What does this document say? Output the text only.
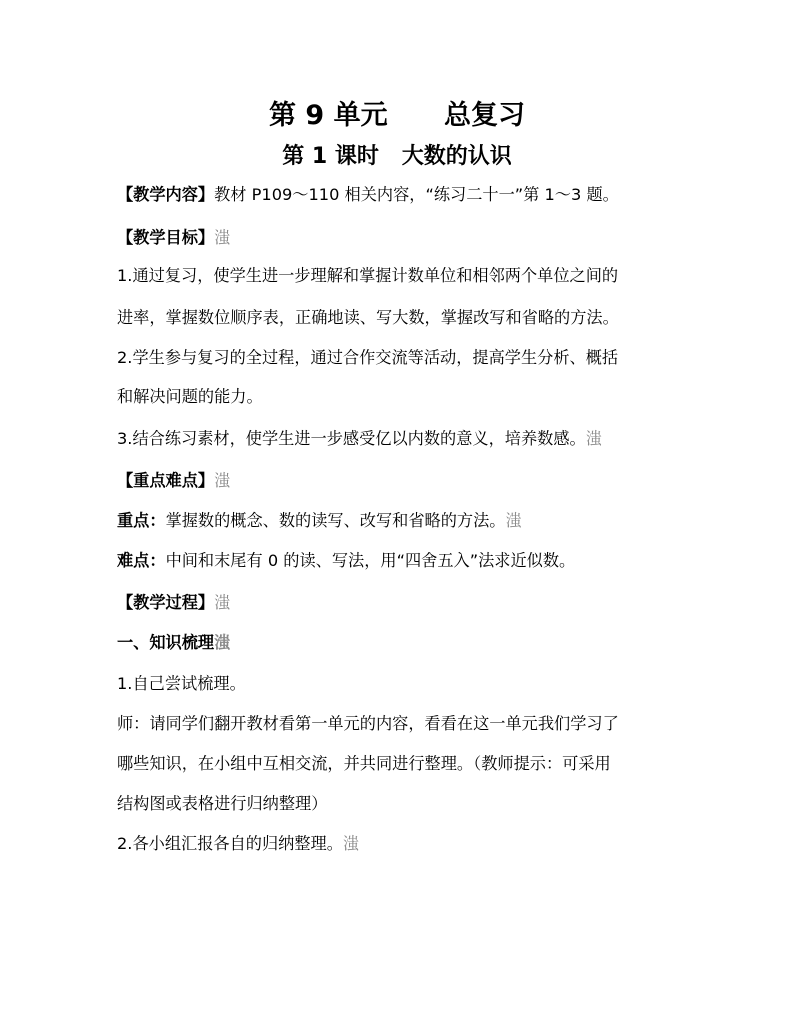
第 9 单元      总复习
第 1 课时   大数的认识
【教学内容】教材 P109～110 相关内容，“练习二十一”第 1～3 题。
【教学目标】滍
1.通过复习，使学生进一步理解和掌握计数单位和相邻两个单位之间的
进率，掌握数位顺序表，正确地读、写大数，掌握改写和省略的方法。
2.学生参与复习的全过程，通过合作交流等活动，提高学生分析、概括
和解决问题的能力。
3.结合练习素材，使学生进一步感受亿以内数的意义，培养数感。滍
【重点难点】滍
重点：掌握数的概念、数的读写、改写和省略的方法。滍
难点：中间和末尾有 0 的读、写法，用“四舍五入”法求近似数。
【教学过程】滍
一、知识梳理滍
1.自己尝试梳理。
师：请同学们翻开教材看第一单元的内容，看看在这一单元我们学习了
哪些知识，在小组中互相交流，并共同进行整理。（教师提示：可采用
结构图或表格进行归纳整理）
2.各小组汇报各自的归纳整理。滍
